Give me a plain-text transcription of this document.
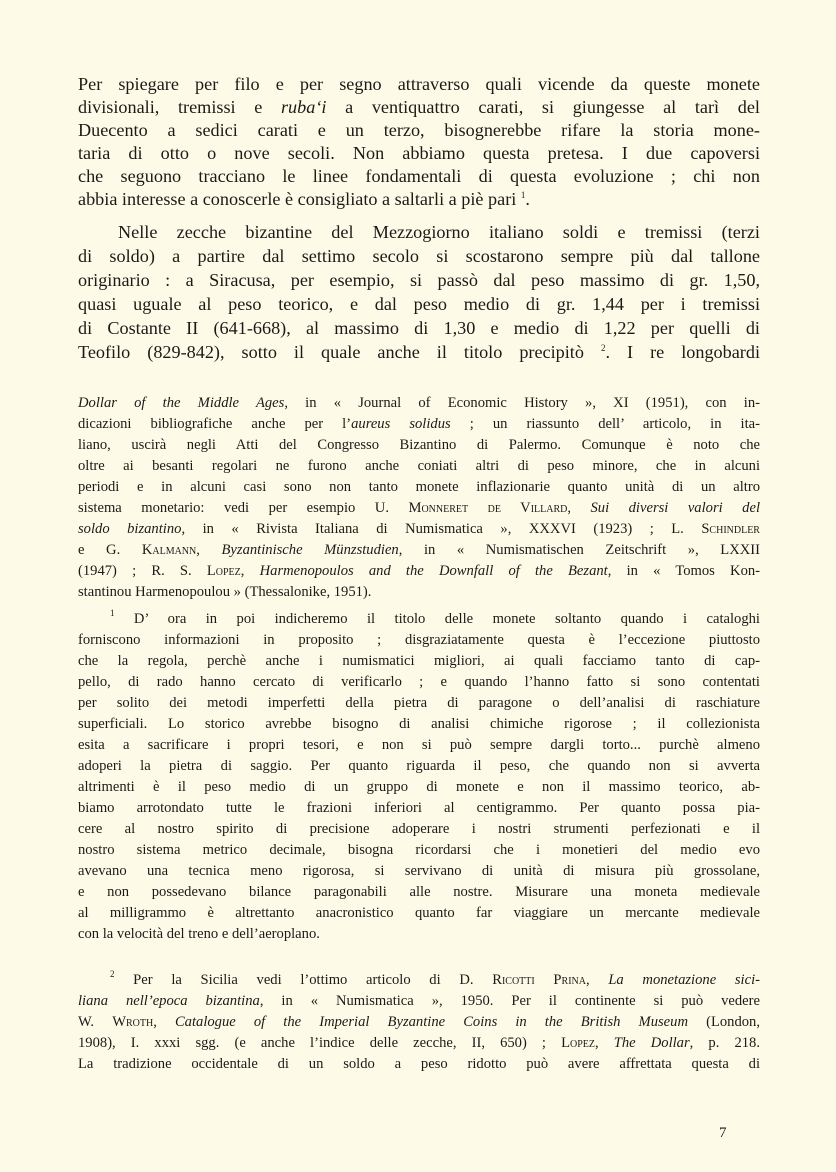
Per spiegare per filo e per segno attraverso quali vicende da queste monete
divisionali, tremissi e ruba‘i a ventiquattro carati, si giungesse al tarì del
Duecento a sedici carati e un terzo, bisognerebbe rifare la storia mone-
taria di otto o nove secoli. Non abbiamo questa pretesa. I due capoversi
che seguono tracciano le linee fondamentali di questa evoluzione ; chi non
abbia interesse a conoscerle è consigliato a saltarli a piè pari $^1$.
Nelle zecche bizantine del Mezzogiorno italiano soldi e tremissi (terzi
di soldo) a partire dal settimo secolo si scostarono sempre più dal tallone
originario : a Siracusa, per esempio, si passò dal peso massimo di gr. 1,50,
quasi uguale al peso teorico, e dal peso medio di gr. 1,44 per i tremissi
di Costante II (641-668), al massimo di 1,30 e medio di 1,22 per quelli di
Teofilo (829-842), sotto il quale anche il titolo precipitò $^2$. I re longobardi
Dollar of the Middle Ages, in « Journal of Economic History », XI (1951), con in-
dicazioni bibliografiche anche per l’aureus solidus ; un riassunto dell’ articolo, in ita-
liano, uscirà negli Atti del Congresso Bizantino di Palermo. Comunque è noto che
oltre ai besanti regolari ne furono anche coniati altri di peso minore, che in alcuni
periodi e in alcuni casi sono non tanto monete inflazionarie quanto unità di un altro
sistema monetario: vedi per esempio U. Monneret de Villard, Sui diversi valori del
soldo bizantino, in « Rivista Italiana di Numismatica », XXXVI (1923) ; L. Schindler
e G. Kalmann, Byzantinische Münzstudien, in « Numismatischen Zeitschrift », LXXII
(1947) ; R. S. Lopez, Harmenopoulos and the Downfall of the Bezant, in « Tomos Kon-
stantinou Harmenopoulou » (Thessalonike, 1951).
$^1$ D’ ora in poi indicheremo il titolo delle monete soltanto quando i cataloghi
forniscono informazioni in proposito ; disgraziatamente questa è l’eccezione piuttosto
che la regola, perchè anche i numismatici migliori, ai quali facciamo tanto di cap-
pello, di rado hanno cercato di verificarlo ; e quando l’hanno fatto si sono contentati
per solito dei metodi imperfetti della pietra di paragone o dell’analisi di raschiature
superficiali. Lo storico avrebbe bisogno di analisi chimiche rigorose ; il collezionista
esita a sacrificare i propri tesori, e non si può sempre dargli torto... purchè almeno
adoperi la pietra di saggio. Per quanto riguarda il peso, che quando non si avverta
altrimenti è il peso medio di un gruppo di monete e non il massimo teorico, ab-
biamo arrotondato tutte le frazioni inferiori al centigrammo. Per quanto possa pia-
cere al nostro spirito di precisione adoperare i nostri strumenti perfezionati e il
nostro sistema metrico decimale, bisogna ricordarsi che i monetieri del medio evo
avevano una tecnica meno rigorosa, si servivano di unità di misura più grossolane,
e non possedevano bilance paragonabili alle nostre. Misurare una moneta medievale
al milligrammo è altrettanto anacronistico quanto far viaggiare un mercante medievale
con la velocità del treno e dell’aeroplano.
$^2$ Per la Sicilia vedi l’ottimo articolo di D. Ricotti Prina, La monetazione sici-
liana nell’epoca bizantina, in « Numismatica », 1950. Per il continente si può vedere
W. Wroth, Catalogue of the Imperial Byzantine Coins in the British Museum (London,
1908), I. xxxi sgg. (e anche l’indice delle zecche, II, 650) ; Lopez, The Dollar, p. 218.
La tradizione occidentale di un soldo a peso ridotto può avere affrettata questa di
7
